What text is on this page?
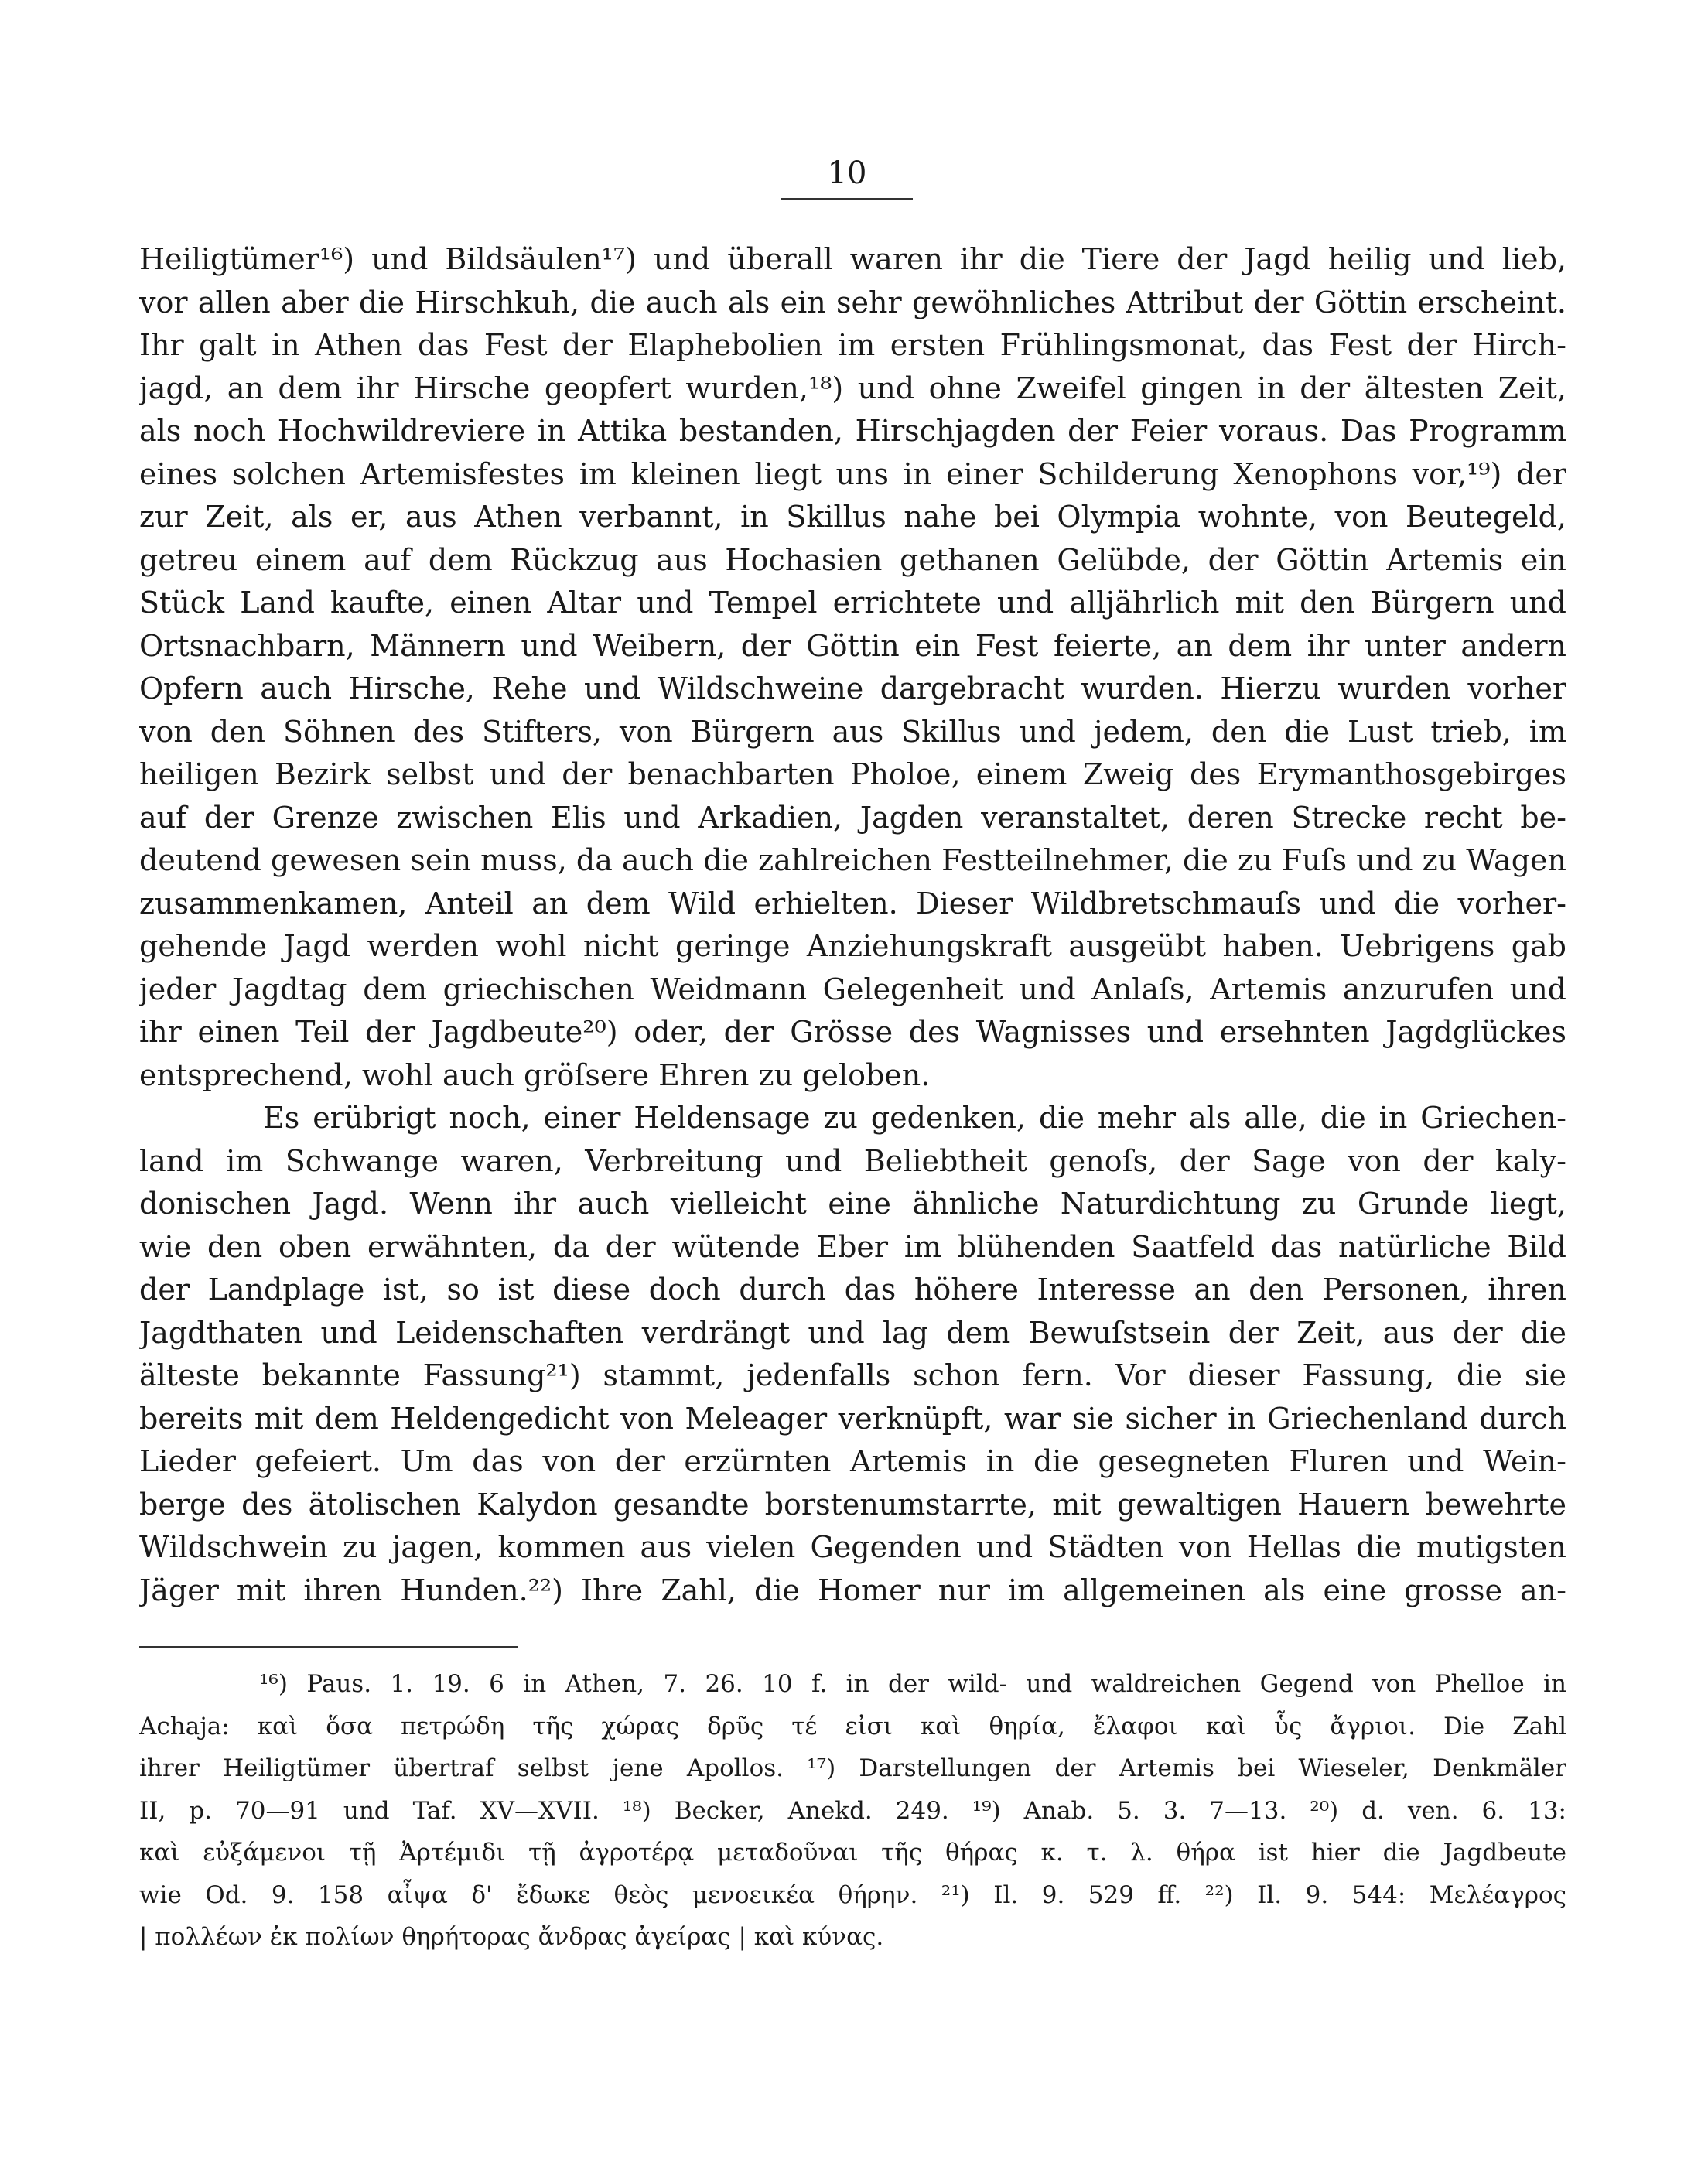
10
Heiligtümer¹⁶) und Bildsäulen¹⁷) und überall waren ihr die Tiere der Jagd heilig und lieb,
vor allen aber die Hirschkuh, die auch als ein sehr gewöhnliches Attribut der Göttin erscheint.
Ihr galt in Athen das Fest der Elaphebolien im ersten Frühlingsmonat, das Fest der Hirch-
jagd, an dem ihr Hirsche geopfert wurden,¹⁸) und ohne Zweifel gingen in der ältesten Zeit,
als noch Hochwildreviere in Attika bestanden, Hirschjagden der Feier voraus. Das Programm
eines solchen Artemisfestes im kleinen liegt uns in einer Schilderung Xenophons vor,¹⁹) der
zur Zeit, als er, aus Athen verbannt, in Skillus nahe bei Olympia wohnte, von Beutegeld,
getreu einem auf dem Rückzug aus Hochasien gethanen Gelübde, der Göttin Artemis ein
Stück Land kaufte, einen Altar und Tempel errichtete und alljährlich mit den Bürgern und
Ortsnachbarn, Männern und Weibern, der Göttin ein Fest feierte, an dem ihr unter andern
Opfern auch Hirsche, Rehe und Wildschweine dargebracht wurden. Hierzu wurden vorher
von den Söhnen des Stifters, von Bürgern aus Skillus und jedem, den die Lust trieb, im
heiligen Bezirk selbst und der benachbarten Pholoe, einem Zweig des Erymanthosgebirges
auf der Grenze zwischen Elis und Arkadien, Jagden veranstaltet, deren Strecke recht be-
deutend gewesen sein muss, da auch die zahlreichen Festteilnehmer, die zu Fuſs und zu Wagen
zusammenkamen, Anteil an dem Wild erhielten. Dieser Wildbretschmauſs und die vorher-
gehende Jagd werden wohl nicht geringe Anziehungskraft ausgeübt haben. Uebrigens gab
jeder Jagdtag dem griechischen Weidmann Gelegenheit und Anlaſs, Artemis anzurufen und
ihr einen Teil der Jagdbeute²⁰) oder, der Grösse des Wagnisses und ersehnten Jagdglückes
entsprechend, wohl auch gröſsere Ehren zu geloben.
Es erübrigt noch, einer Heldensage zu gedenken, die mehr als alle, die in Griechen-
land im Schwange waren, Verbreitung und Beliebtheit genoſs, der Sage von der kaly-
donischen Jagd. Wenn ihr auch vielleicht eine ähnliche Naturdichtung zu Grunde liegt,
wie den oben erwähnten, da der wütende Eber im blühenden Saatfeld das natürliche Bild
der Landplage ist, so ist diese doch durch das höhere Interesse an den Personen, ihren
Jagdthaten und Leidenschaften verdrängt und lag dem Bewuſstsein der Zeit, aus der die
älteste bekannte Fassung²¹) stammt, jedenfalls schon fern. Vor dieser Fassung, die sie
bereits mit dem Heldengedicht von Meleager verknüpft, war sie sicher in Griechenland durch
Lieder gefeiert. Um das von der erzürnten Artemis in die gesegneten Fluren und Wein-
berge des ätolischen Kalydon gesandte borstenumstarrte, mit gewaltigen Hauern bewehrte
Wildschwein zu jagen, kommen aus vielen Gegenden und Städten von Hellas die mutigsten
Jäger mit ihren Hunden.²²) Ihre Zahl, die Homer nur im allgemeinen als eine grosse an-
¹⁶) Paus. 1. 19. 6 in Athen, 7. 26. 10 f. in der wild- und waldreichen Gegend von Phelloe in
Achaja: καὶ ὅσα πετρώδη τῆς χώρας δρῦς τέ εἰσι καὶ θηρία, ἔλαφοι καὶ ὗς ἄγριοι. Die Zahl
ihrer Heiligtümer übertraf selbst jene Apollos. ¹⁷) Darstellungen der Artemis bei Wieseler, Denkmäler
II, p. 70—91 und Taf. XV—XVII. ¹⁸) Becker, Anekd. 249. ¹⁹) Anab. 5. 3. 7—13. ²⁰) d. ven. 6. 13:
καὶ εὐξάμενοι τῇ Ἀρτέμιδι τῇ ἀγροτέρᾳ μεταδοῦναι τῆς θήρας κ. τ. λ. θήρα ist hier die Jagdbeute
wie Od. 9. 158 αἶψα δ' ἔδωκε θεὸς μενοεικέα θήρην. ²¹) Il. 9. 529 ff. ²²) Il. 9. 544: Μελέαγρος
| πολλέων ἐκ πολίων θηρήτορας ἄνδρας ἀγείρας | καὶ κύνας.
